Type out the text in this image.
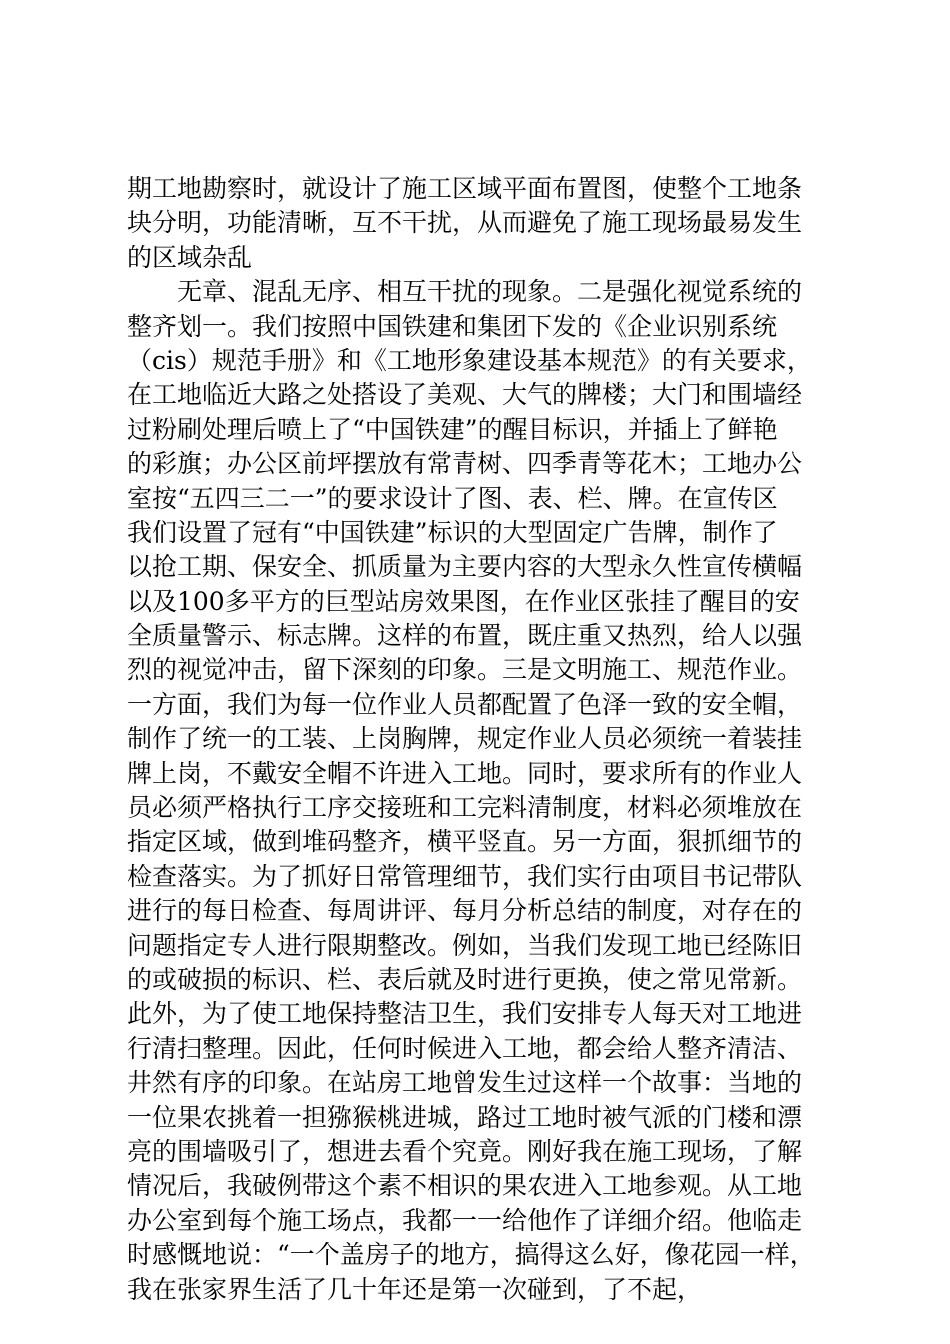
期工地勘察时，就设计了施工区域平面布置图，使整个工地条
块分明，功能清晰，互不干扰，从而避免了施工现场最易发生
的区域杂乱
无章、混乱无序、相互干扰的现象。二是强化视觉系统的
整齐划一。我们按照中国铁建和集团下发的《企业识别系统
（cis）规范手册》和《工地形象建设基本规范》的有关要求，
在工地临近大路之处搭设了美观、大气的牌楼；大门和围墙经
过粉刷处理后喷上了“中国铁建”的醒目标识，并插上了鲜艳
的彩旗；办公区前坪摆放有常青树、四季青等花木；工地办公
室按“五四三二一”的要求设计了图、表、栏、牌。在宣传区
我们设置了冠有“中国铁建”标识的大型固定广告牌，制作了
以抢工期、保安全、抓质量为主要内容的大型永久性宣传横幅
以及100多平方的巨型站房效果图，在作业区张挂了醒目的安
全质量警示、标志牌。这样的布置，既庄重又热烈，给人以强
烈的视觉冲击，留下深刻的印象。三是文明施工、规范作业。
一方面，我们为每一位作业人员都配置了色泽一致的安全帽，
制作了统一的工装、上岗胸牌，规定作业人员必须统一着装挂
牌上岗，不戴安全帽不许进入工地。同时，要求所有的作业人
员必须严格执行工序交接班和工完料清制度，材料必须堆放在
指定区域，做到堆码整齐，横平竖直。另一方面，狠抓细节的
检查落实。为了抓好日常管理细节，我们实行由项目书记带队
进行的每日检查、每周讲评、每月分析总结的制度，对存在的
问题指定专人进行限期整改。例如，当我们发现工地已经陈旧
的或破损的标识、栏、表后就及时进行更换，使之常见常新。
此外，为了使工地保持整洁卫生，我们安排专人每天对工地进
行清扫整理。因此，任何时候进入工地，都会给人整齐清洁、
井然有序的印象。在站房工地曾发生过这样一个故事：当地的
一位果农挑着一担猕猴桃进城，路过工地时被气派的门楼和漂
亮的围墙吸引了，想进去看个究竟。刚好我在施工现场，了解
情况后，我破例带这个素不相识的果农进入工地参观。从工地
办公室到每个施工场点，我都一一给他作了详细介绍。他临走
时感慨地说：“一个盖房子的地方，搞得这么好，像花园一样，
我在张家界生活了几十年还是第一次碰到，了不起，
